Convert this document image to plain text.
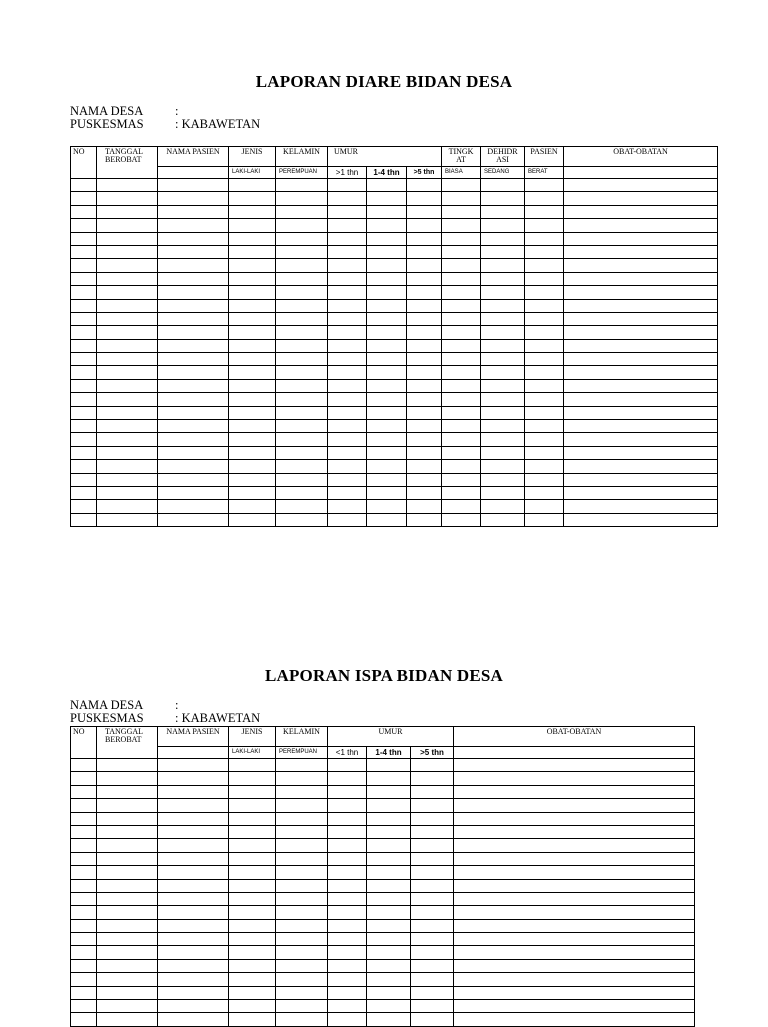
LAPORAN DIARE BIDAN DESA
NAMA DESA	:
PUSKESMAS	: KABAWETAN
NO	TANGGAL BEROBAT	NAMA PASIEN	JENIS	KELAMIN	UMUR			TINGK AT	DEHIDR ASI	PASIEN	OBAT-OBATAN
			LAKI-LAKI	PEREMPUAN	>1 thn	1-4 thn	>5 thn	BIASA	SEDANG	BERAT	

LAPORAN ISPA BIDAN DESA
NAMA DESA	:
PUSKESMAS	: KABAWETAN
NO	TANGGAL BEROBAT	NAMA PASIEN	JENIS	KELAMIN	UMUR			OBAT-OBATAN
			LAKI-LAKI	PEREMPUAN	<1 thn	1-4 thn	>5 thn	
